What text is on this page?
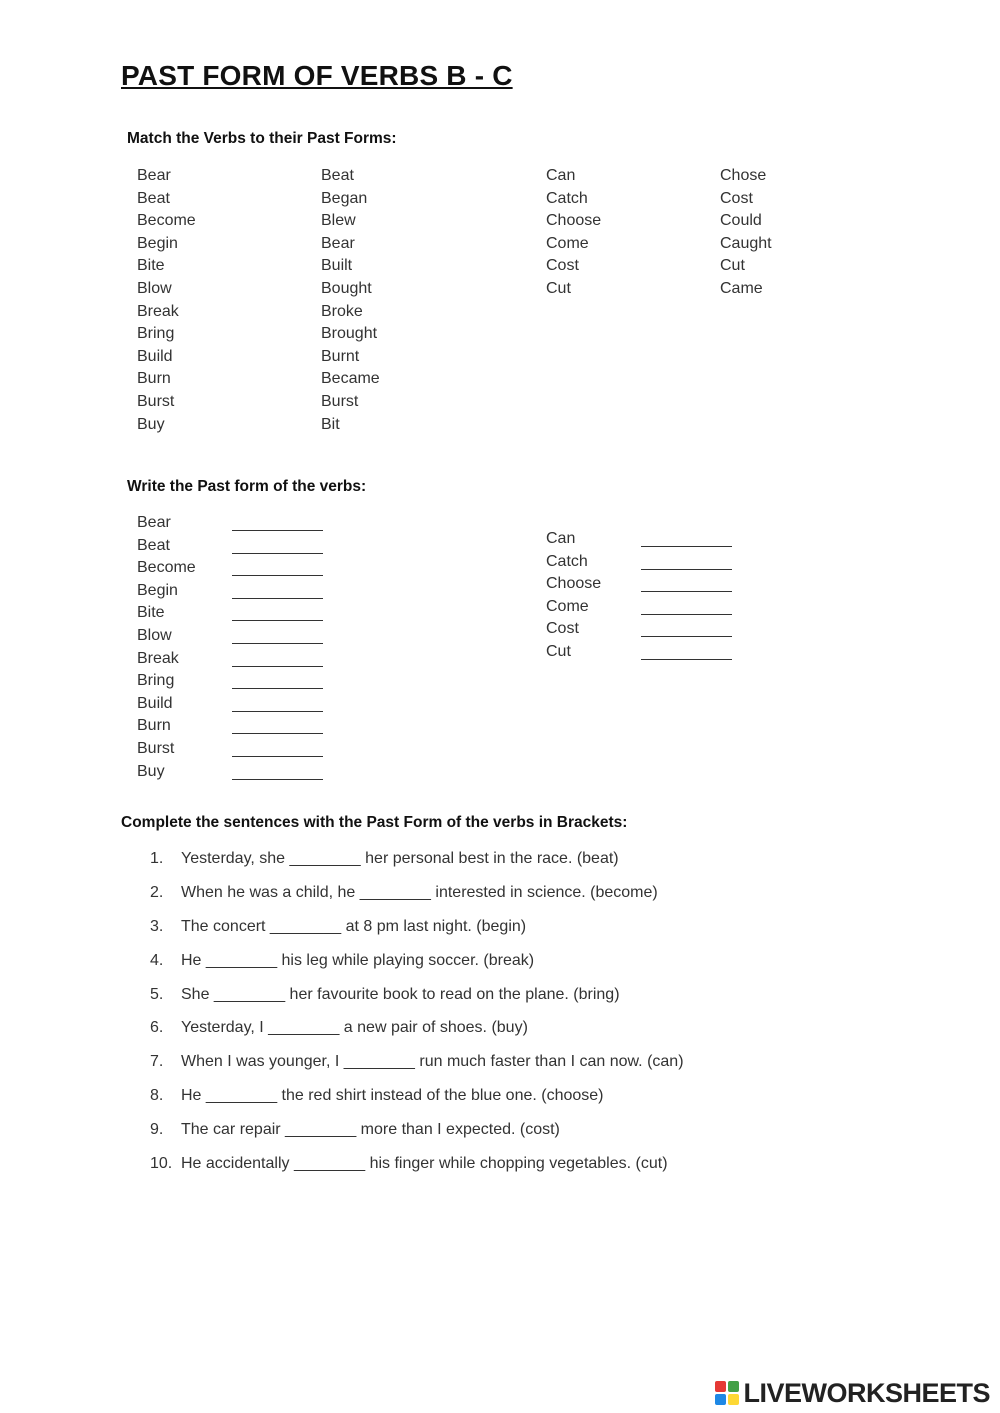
PAST FORM OF VERBS B - C
Match the Verbs to their Past Forms:
Bear
Beat
Become
Begin
Bite
Blow
Break
Bring
Build
Burn
Burst
Buy
Beat
Began
Blew
Bear
Built
Bought
Broke
Brought
Burnt
Became
Burst
Bit
Can
Catch
Choose
Come
Cost
Cut
Chose
Cost
Could
Caught
Cut
Came
Write the Past form of the verbs:
Bear
Beat
Become
Begin
Bite
Blow
Break
Bring
Build
Burn
Burst
Buy
Can
Catch
Choose
Come
Cost
Cut
Complete the sentences with the Past Form of the verbs in Brackets:
1. Yesterday, she ________ her personal best in the race. (beat)
2. When he was a child, he ________ interested in science. (become)
3. The concert ________ at 8 pm last night. (begin)
4. He ________ his leg while playing soccer. (break)
5. She ________ her favourite book to read on the plane. (bring)
6. Yesterday, I ________ a new pair of shoes. (buy)
7. When I was younger, I ________ run much faster than I can now. (can)
8. He ________ the red shirt instead of the blue one. (choose)
9. The car repair ________ more than I expected. (cost)
10. He accidentally ________ his finger while chopping vegetables. (cut)
LIVEWORKSHEETS
